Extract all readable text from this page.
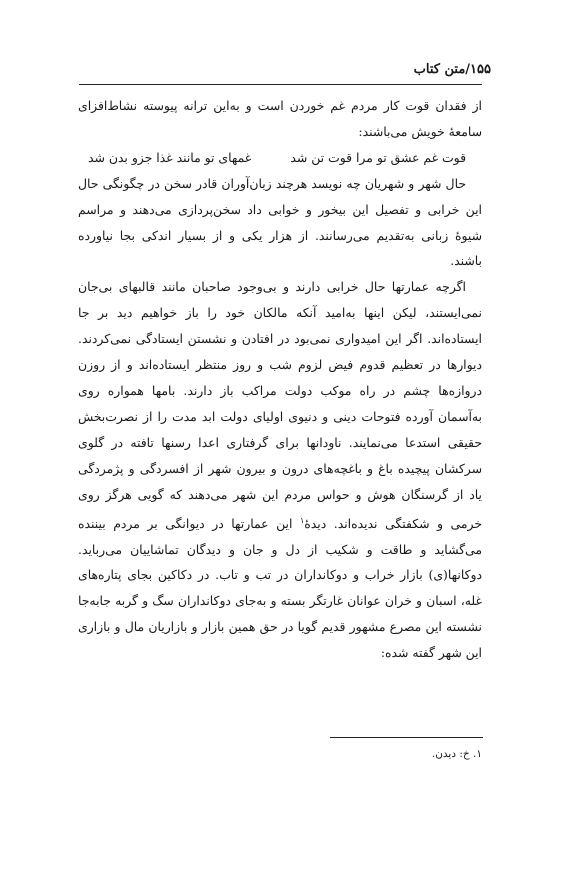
۱۵۵/متن کتاب

از فقدان قوت کار مردم غم خوردن است و به‌این ترانه پیوسته نشاط‌افزای سامعهٔ خویش می‌باشند:

قوت غم عشق تو مرا قوت تن شد
غمهای تو مانند غذا جزو بدن شد

حال شهر و شهریان چه نویسد هرچند زبان‌آوران قادر سخن در چگونگی حال این خرابی و تفصیل این بیخور و خوابی داد سخن‌پردازی می‌دهند و مراسم شیوهٔ زبانی به‌تقدیم می‌رسانند. از هزار یکی و از بسیار اندکی بجا نیاورده باشند.

اگرچه عمارتها حال خرابی دارند و بی‌وجود صاحبان مانند قالبهای بی‌جان نمی‌ایستند، لیکن اینها به‌امید آنکه مالکان خود را باز خواهیم دید بر جا ایستاده‌اند. اگر این امیدواری نمی‌بود در افتادن و نشستن ایستادگی نمی‌کردند. دیوارها در تعظیم قدوم فیض لزوم شب و روز منتظر ایستاده‌اند و از روزن دروازه‌ها چشم در راه موکب دولت مراکب باز دارند. بامها همواره روی به‌آسمان آورده فتوحات دینی و دنیوی اولیای دولت ابد مدت را از نصرت‌بخش حقیقی استدعا می‌نمایند. ناودانها برای گرفتاری اعدا رسنها تافته در گلوی سرکشان پیچیده باغ و باغچه‌های درون و بیرون شهر از افسردگی و پژمردگی یاد از گرسنگان هوش و حواس مردم این شهر می‌دهند که گویی هرگز روی خرمی و شکفتگی ندیده‌اند. دیدهٔ$^۱$ این عمارتها در دیوانگی بر مردم بیننده می‌گشاید و طاقت و شکیب از دل و جان و دیدگان تماشاییان می‌رباید. دوکانها(ی) بازار خراب و دوکانداران در تب و تاب. در دکاکین بجای پتاره‌های غله، اسبان و خران عوانان غارتگر بسته و به‌جای دوکانداران سگ و گربه جابه‌جا نشسته این مصرع مشهور قدیم گویا در حق همین بازار و بازاریان مال و بازاری این شهر گفته شده:

۱. خ: دیدن.
